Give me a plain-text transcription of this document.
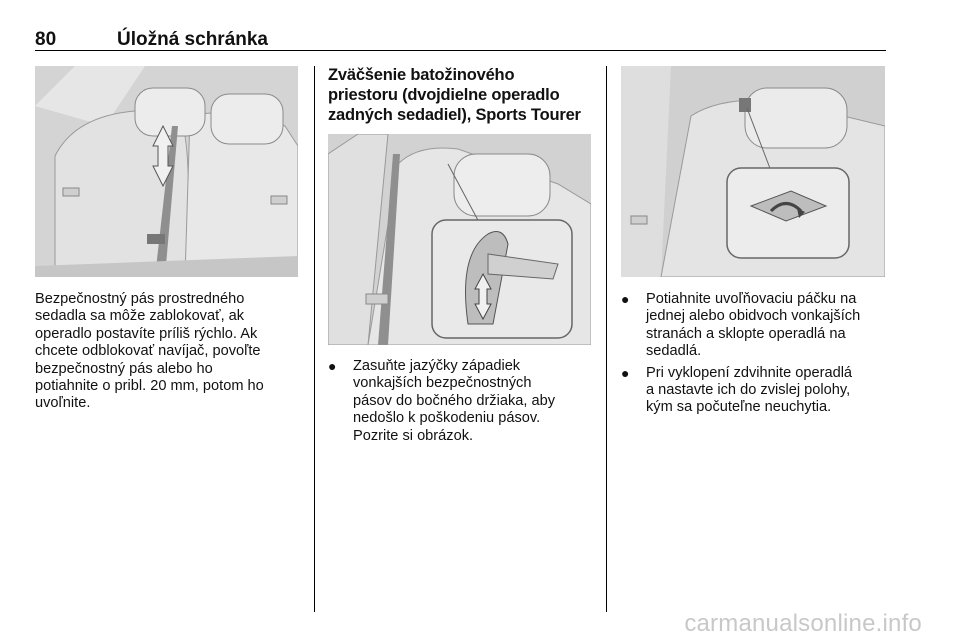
80	Úložná schránka
Bezpečnostný pás prostredného
sedadla sa môže zablokovať, ak
operadlo postavíte príliš rýchlo. Ak
chcete odblokovať navíjač, povoľte
bezpečnostný pás alebo ho
potiahnite o pribl. 20 mm, potom ho
uvoľnite.
Zväčšenie batožinového
priestoru (dvojdielne operadlo
zadných sedadiel), Sports Tourer
● Zasuňte jazýčky západiek
vonkajších bezpečnostných
pásov do bočného držiaka, aby
nedošlo k poškodeniu pásov.
Pozrite si obrázok.
● Potiahnite uvoľňovaciu páčku na
jednej alebo obidvoch vonkajších
stranách a sklopte operadlá na
sedadlá.
● Pri vyklopení zdvihnite operadlá
a nastavte ich do zvislej polohy,
kým sa počuteľne neuchytia.
carmanualsonline.info
